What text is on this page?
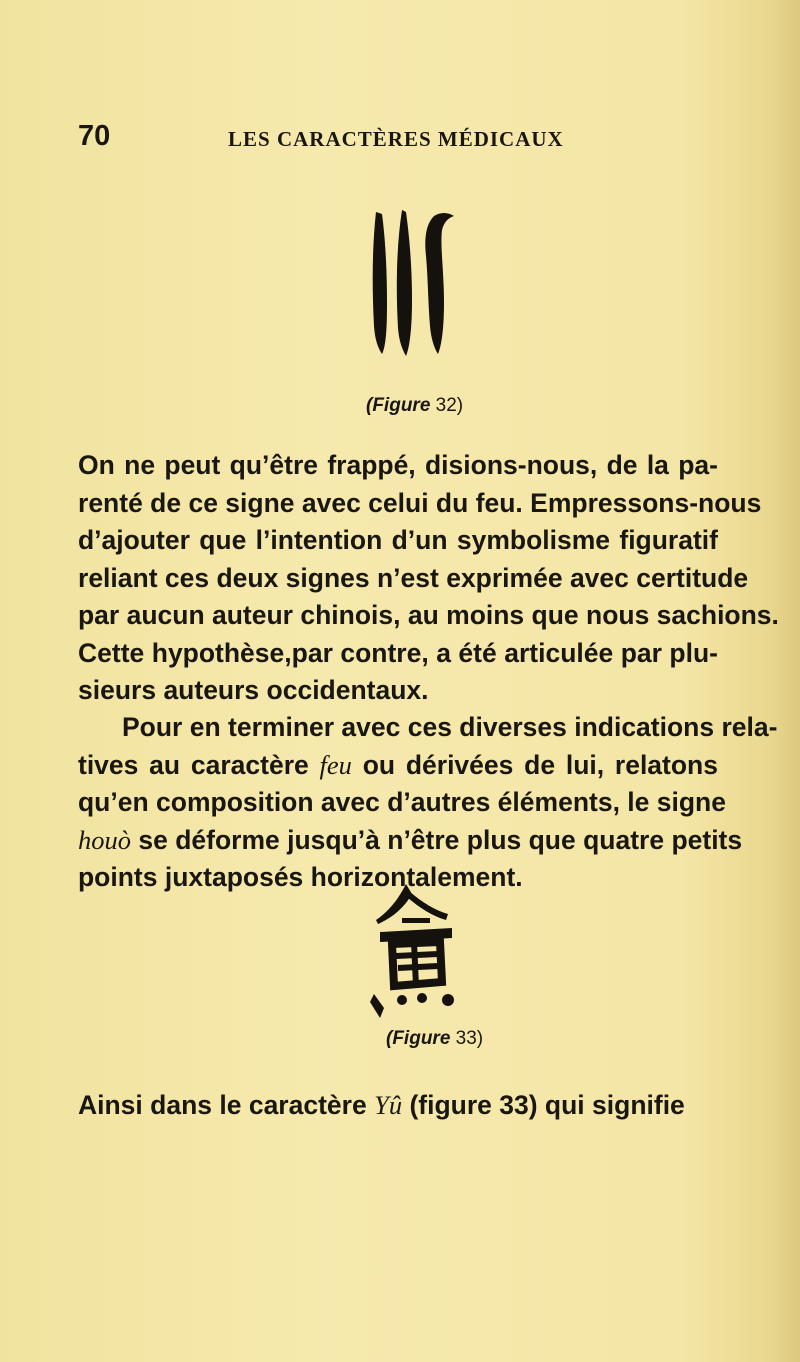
70	LES CARACTÈRES MÉDICAUX
(Figure 32)
On ne peut qu’être frappé, disions-nous, de la pa-
renté de ce signe avec celui du feu. Empressons-nous
d’ajouter que l’intention d’un symbolisme figuratif
reliant ces deux signes n’est exprimée avec certitude
par aucun auteur chinois, au moins que nous sachions.
Cette hypothèse,par contre, a été articulée par plu-
sieurs auteurs occidentaux.
Pour en terminer avec ces diverses indications rela-
tives au caractère feu ou dérivées de lui, relatons
qu’en composition avec d’autres éléments, le signe
houò se déforme jusqu’à n’être plus que quatre petits
points juxtaposés horizontalement.
(Figure 33)
Ainsi dans le caractère Yû (figure 33) qui signifie
